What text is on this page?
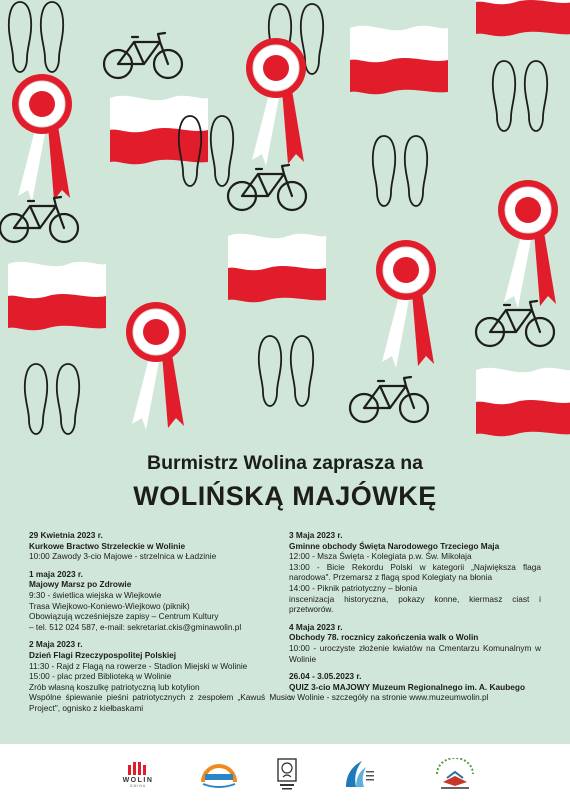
Burmistrz Wolina zaprasza na
WOLIŃSKĄ MAJÓWKĘ

29 Kwietnia 2023 r.

Kurkowe Bractwo Strzeleckie w Wolinie

10:00 Zawody 3-cio Majowe - strzelnica w Ładzinie

1 maja 2023 r.

Majowy Marsz po Zdrowie

9:30 - świetlica wiejska w Wiejkowie

Trasa Wiejkowo-Koniewo-Wiejkowo (piknik)

Obowiązują wcześniejsze zapisy – Centrum Kultury

– tel. 512 024 587, e-mail: sekretariat.ckis@gminawolin.pl

2 Maja 2023 r.

Dzień Flagi Rzeczypospolitej Polskiej

11:30 - Rajd z Flagą na rowerze - Stadion Miejski w Wolinie

15:00 - plac przed Biblioteką w Wolinie

Zrób własną koszulkę patriotyczną lub kotylion

Wspólne śpiewanie pieśni patriotycznych z zespołem „Kawuś Music Project", ognisko z kiełbaskami

3 Maja 2023 r.

Gminne obchody Święta Narodowego Trzeciego Maja

12:00 - Msza Święta - Kolegiata p.w. Św. Mikołaja

13:00 - Bicie Rekordu Polski w kategorii „Największa flaga narodowa". Przemarsz z flagą spod Kolegiaty na błonia

14:00 - Piknik patriotyczny – błonia

inscenizacja historyczna, pokazy konne, kiermasz ciast i przetworów.

4 Maja 2023 r.

Obchody 78. rocznicy zakończenia walk o Wolin

10:00 - uroczyste złożenie kwiatów na Cmentarzu Komunalnym w Wolinie

26.04 - 3.05.2023 r.

QUIZ 3-cio MAJOWY Muzeum Regionalnego im. A. Kaubego

w Wolinie - szczegóły na stronie www.muzeumwolin.pl

WOLIN
GMINA
